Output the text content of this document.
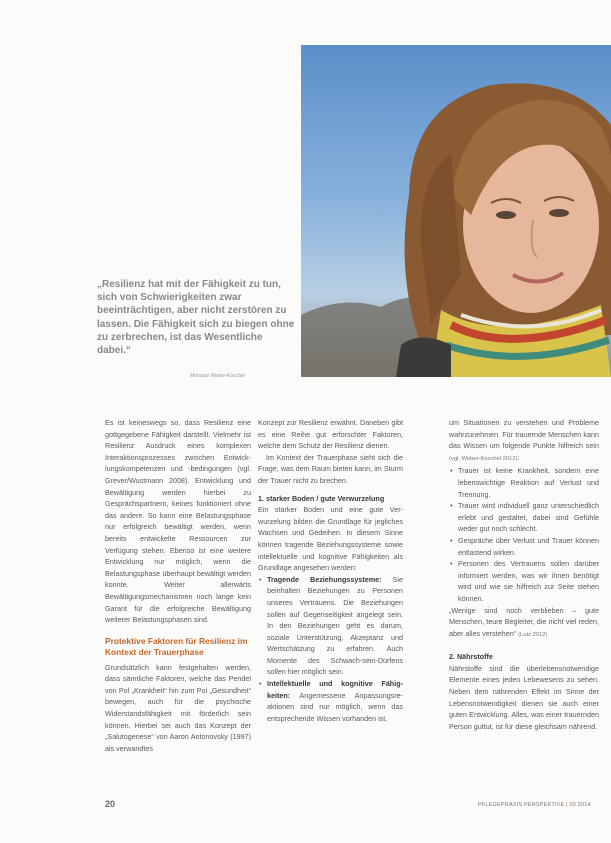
„Resilienz hat mit der Fähigkeit zu tun, sich von Schwierigkeiten zwar beeinträchtigen, aber nicht zerstören zu lassen. Die Fähigkeit sich zu biegen ohne zu zerbrechen, ist das Wesentliche dabei.“
Monique Weber-Koschel

Es ist keineswegs so, dass Resilienz eine gottgegebene Fähigkeit darstellt. Vielmehr ist Resilienz Ausdruck eines komplexen Interaktionsprozesses zwischen Entwicklungskompetenzen und -bedingungen (vgl. Grever/Wustmann 2008). Entwicklung und Bewältigung werden hierbei zu Gesprächspartnern, keines funktioniert ohne das andere. So kann eine Belastungsphase nur erfolgreich bewältigt werden, wenn bereits entwickelte Ressourcen zur Verfügung stehen. Ebenso ist eine weitere Entwicklung nur möglich, wenn die Belastungsphase überhaupt bewältigt werden konnte. Weiter allerwärts Bewältigungsmechanismen noch lange kein Garant für die erfolgreiche Bewältigung weiterer Belastungsphasen sind.

Protektive Faktoren für Resilienz im Kontext der Trauerphase

Grundsätzlich kann festgehalten werden, dass sämtliche Faktoren, welche das Pendel von Pol „Krankheit“ hin zum Pol „Gesundheit“ bewegen, auch für die psychische Widerstandsfähigkeit mit förderlich sein können. Hierbei sei auch das Konzept der „Salutogenese“ von Aaron Antonovsky (1997) als verwandtes

Konzept zur Resilienz erwähnt. Daneben gibt es eine Reihe gut erforschter Faktoren, welche dem Schutz der Resilienz dienen.

Im Kontext der Trauerphase sieht sich die Frage, was dem Raum bieten kann, im Sturm der Trauer nicht zu brechen.

1. starker Boden / gute Verwurzelung

Ein starker Boden und eine gute Verwurzelung bilden die Grundlage für jegliches Wachsen und Gedeihen. In diesem Sinne können tragende Beziehungssysteme sowie intellektuelle und kognitive Fähigkeiten als Grundlage angesehen werden:

• Tragende Beziehungssysteme: Sie beinhalten Beziehungen zu Personen unseres Vertrauens. Die Beziehungen sollen auf Gegenseitigkeit angelegt sein. In den Beziehungen geht es darum, soziale Unterstützung, Akzeptanz und Wertschätzung zu erfahren. Auch Momente des Schwach-sein-Dürfens sollen hier möglich sein.
• Intellektuelle und kognitive Fähigkeiten: Angemessene Anpassungsreaktionen sind nur möglich, wenn das entsprechende Wissen vorhanden ist,

um Situationen zu verstehen und Probleme wahrzunehmen. Für trauernde Menschen kann das Wissen um folgende Punkte hilfreich sein (vgl. Weber-Koschel 2012):

• Trauer ist keine Krankheit, sondern eine lebenswichtige Reaktion auf Verlust und Trennung.
• Trauer wird individuell ganz unterschiedlich erlebt und gestaltet, dabei sind Gefühle weder gut noch schlecht.
• Gespräche über Verlust und Trauer können entlastend wirken.
• Personen des Vertrauens sollen darüber informiert werden, was wir ihnen benötigt wird und wie sie hilfreich zur Seite stehen können.

„Wenige sind noch verblieben – gute Menschen, teure Begleiter, die nicht viel reden, aber alles verstehen“ (Lutz 2012)

2. Nährstoffe

Nährstoffe sind die überlebensnotwendige Elemente eines jeden Lebewesens zu sehen. Neben dem nährenden Effekt im Sinne der Lebensnotwendigkeit dienen sie auch einer guten Entwicklung. Alles, was einer trauernden Person guttut, ist für diese gleichsam nährend.

20	PFLEGEPRAXIS PERSPEKTIVE | 02 2014
